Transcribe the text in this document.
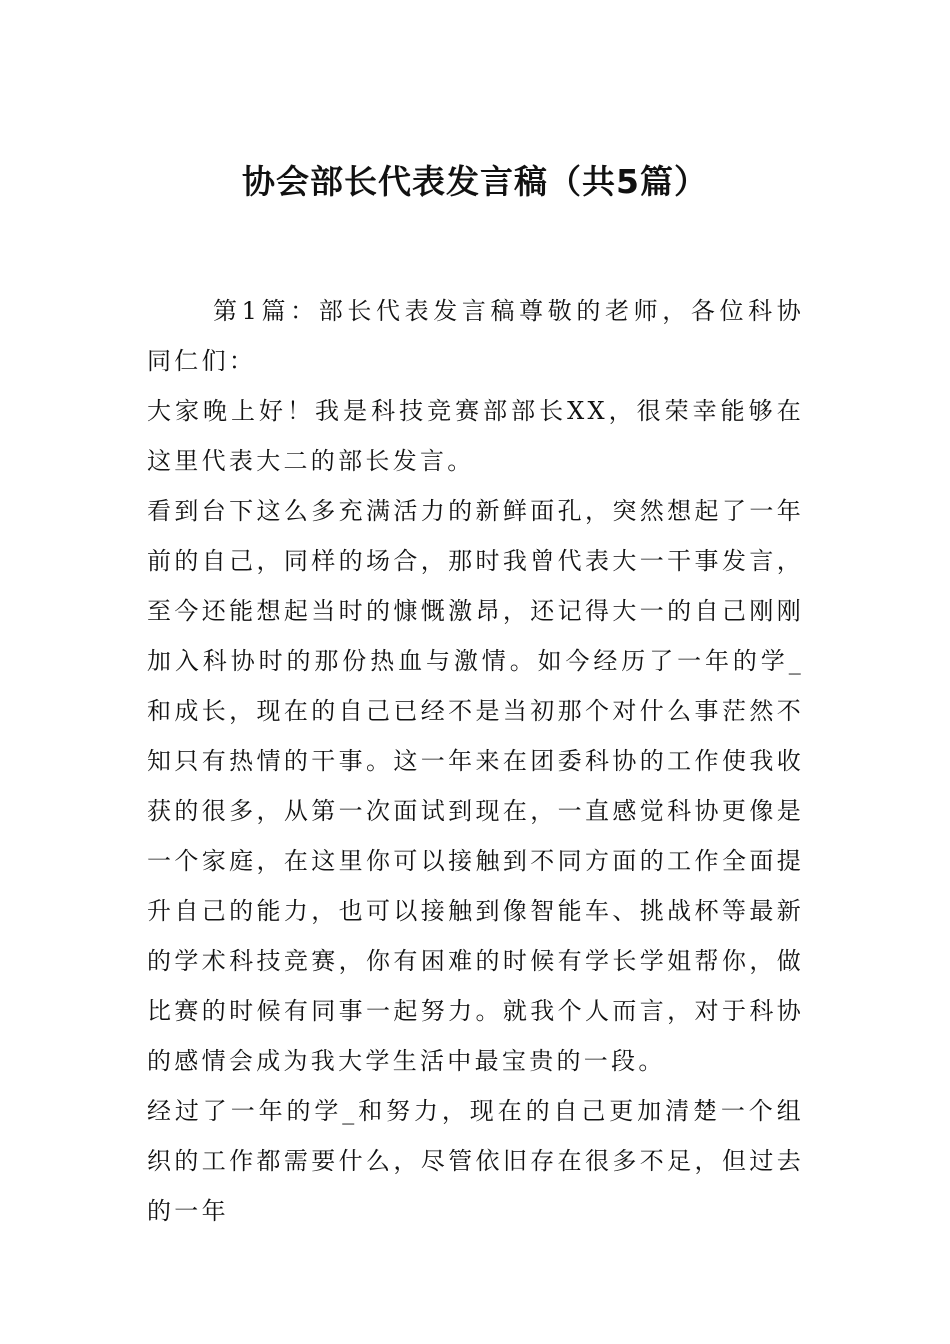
协会部长代表发言稿（共5篇）

第1篇：部长代表发言稿尊敬的老师，各位科协同仁们：

大家晚上好！我是科技竞赛部部长XX，很荣幸能够在这里代表大二的部长发言。

看到台下这么多充满活力的新鲜面孔，突然想起了一年前的自己，同样的场合，那时我曾代表大一干事发言，至今还能想起当时的慷慨激昂，还记得大一的自己刚刚加入科协时的那份热血与激情。如今经历了一年的学_和成长，现在的自己已经不是当初那个对什么事茫然不知只有热情的干事。这一年来在团委科协的工作使我收获的很多，从第一次面试到现在，一直感觉科协更像是一个家庭，在这里你可以接触到不同方面的工作全面提升自己的能力，也可以接触到像智能车、挑战杯等最新的学术科技竞赛，你有困难的时候有学长学姐帮你，做比赛的时候有同事一起努力。就我个人而言，对于科协的感情会成为我大学生活中最宝贵的一段。

经过了一年的学_和努力，现在的自己更加清楚一个组织的工作都需要什么，尽管依旧存在很多不足，但过去的一年
